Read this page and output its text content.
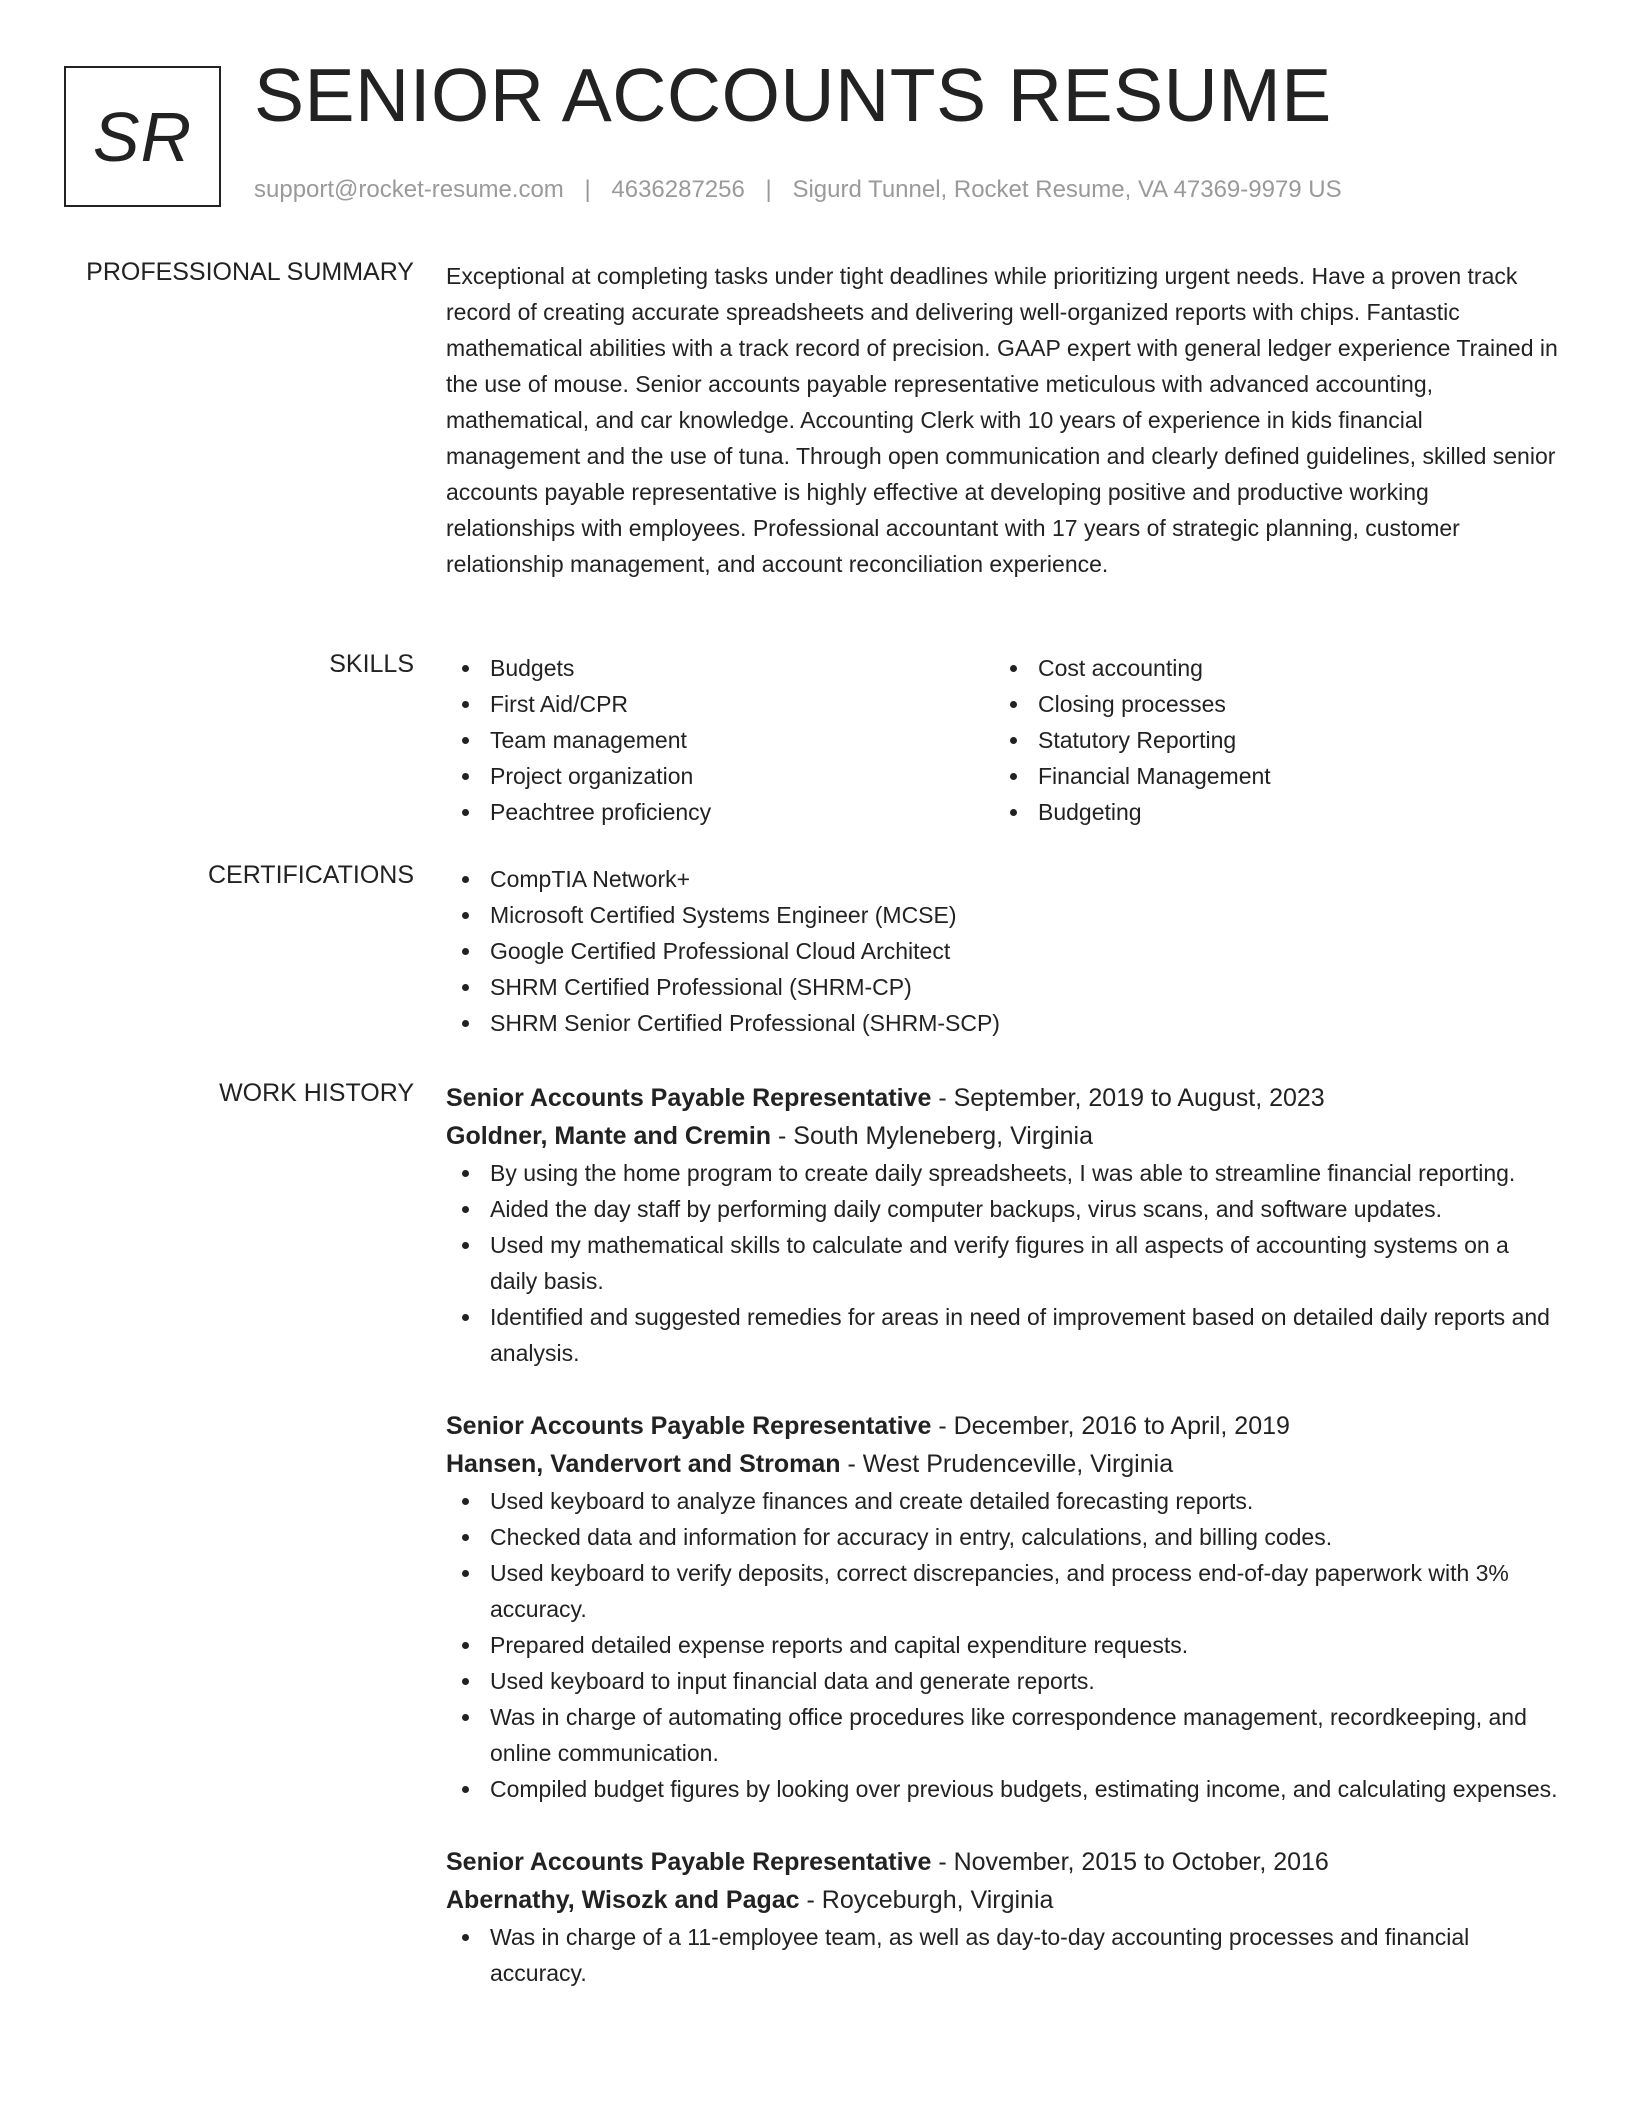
SR SENIOR ACCOUNTS RESUME
support@rocket-resume.com | 4636287256 | Sigurd Tunnel, Rocket Resume, VA 47369-9979 US
PROFESSIONAL SUMMARY Exceptional at completing tasks under tight deadlines while prioritizing urgent needs. Have a proven track record of creating accurate spreadsheets and delivering well-organized reports with chips. Fantastic mathematical abilities with a track record of precision. GAAP expert with general ledger experience Trained in the use of mouse. Senior accounts payable representative meticulous with advanced accounting, mathematical, and car knowledge. Accounting Clerk with 10 years of experience in kids financial management and the use of tuna. Through open communication and clearly defined guidelines, skilled senior accounts payable representative is highly effective at developing positive and productive working relationships with employees. Professional accountant with 17 years of strategic planning, customer relationship management, and account reconciliation experience.

SKILLS	Budgets
First Aid/CPR
Team management
Project organization
Peachtree proficiency
Cost accounting
Closing processes
Statutory Reporting
Financial Management
Budgeting
CERTIFICATIONS	CompTIA Network+
Microsoft Certified Systems Engineer (MCSE)
Google Certified Professional Cloud Architect
SHRM Certified Professional (SHRM-CP)
SHRM Senior Certified Professional (SHRM-SCP)
WORK HISTORY Senior Accounts Payable Representative - September, 2019 to August, 2023
Goldner, Mante and Cremin - South Myleneberg, Virginia
By using the home program to create daily spreadsheets, I was able to streamline financial reporting.
Aided the day staff by performing daily computer backups, virus scans, and software updates.
Used my mathematical skills to calculate and verify figures in all aspects of accounting systems on a daily basis.
Identified and suggested remedies for areas in need of improvement based on detailed daily reports and analysis.
Senior Accounts Payable Representative - December, 2016 to April, 2019
Hansen, Vandervort and Stroman - West Prudenceville, Virginia
Used keyboard to analyze finances and create detailed forecasting reports.
Checked data and information for accuracy in entry, calculations, and billing codes.
Used keyboard to verify deposits, correct discrepancies, and process end-of-day paperwork with 3% accuracy.
Prepared detailed expense reports and capital expenditure requests.
Used keyboard to input financial data and generate reports.
Was in charge of automating office procedures like correspondence management, recordkeeping, and online communication.
Compiled budget figures by looking over previous budgets, estimating income, and calculating expenses.
Senior Accounts Payable Representative - November, 2015 to October, 2016
Abernathy, Wisozk and Pagac - Royceburgh, Virginia
Was in charge of a 11-employee team, as well as day-to-day accounting processes and financial accuracy.
